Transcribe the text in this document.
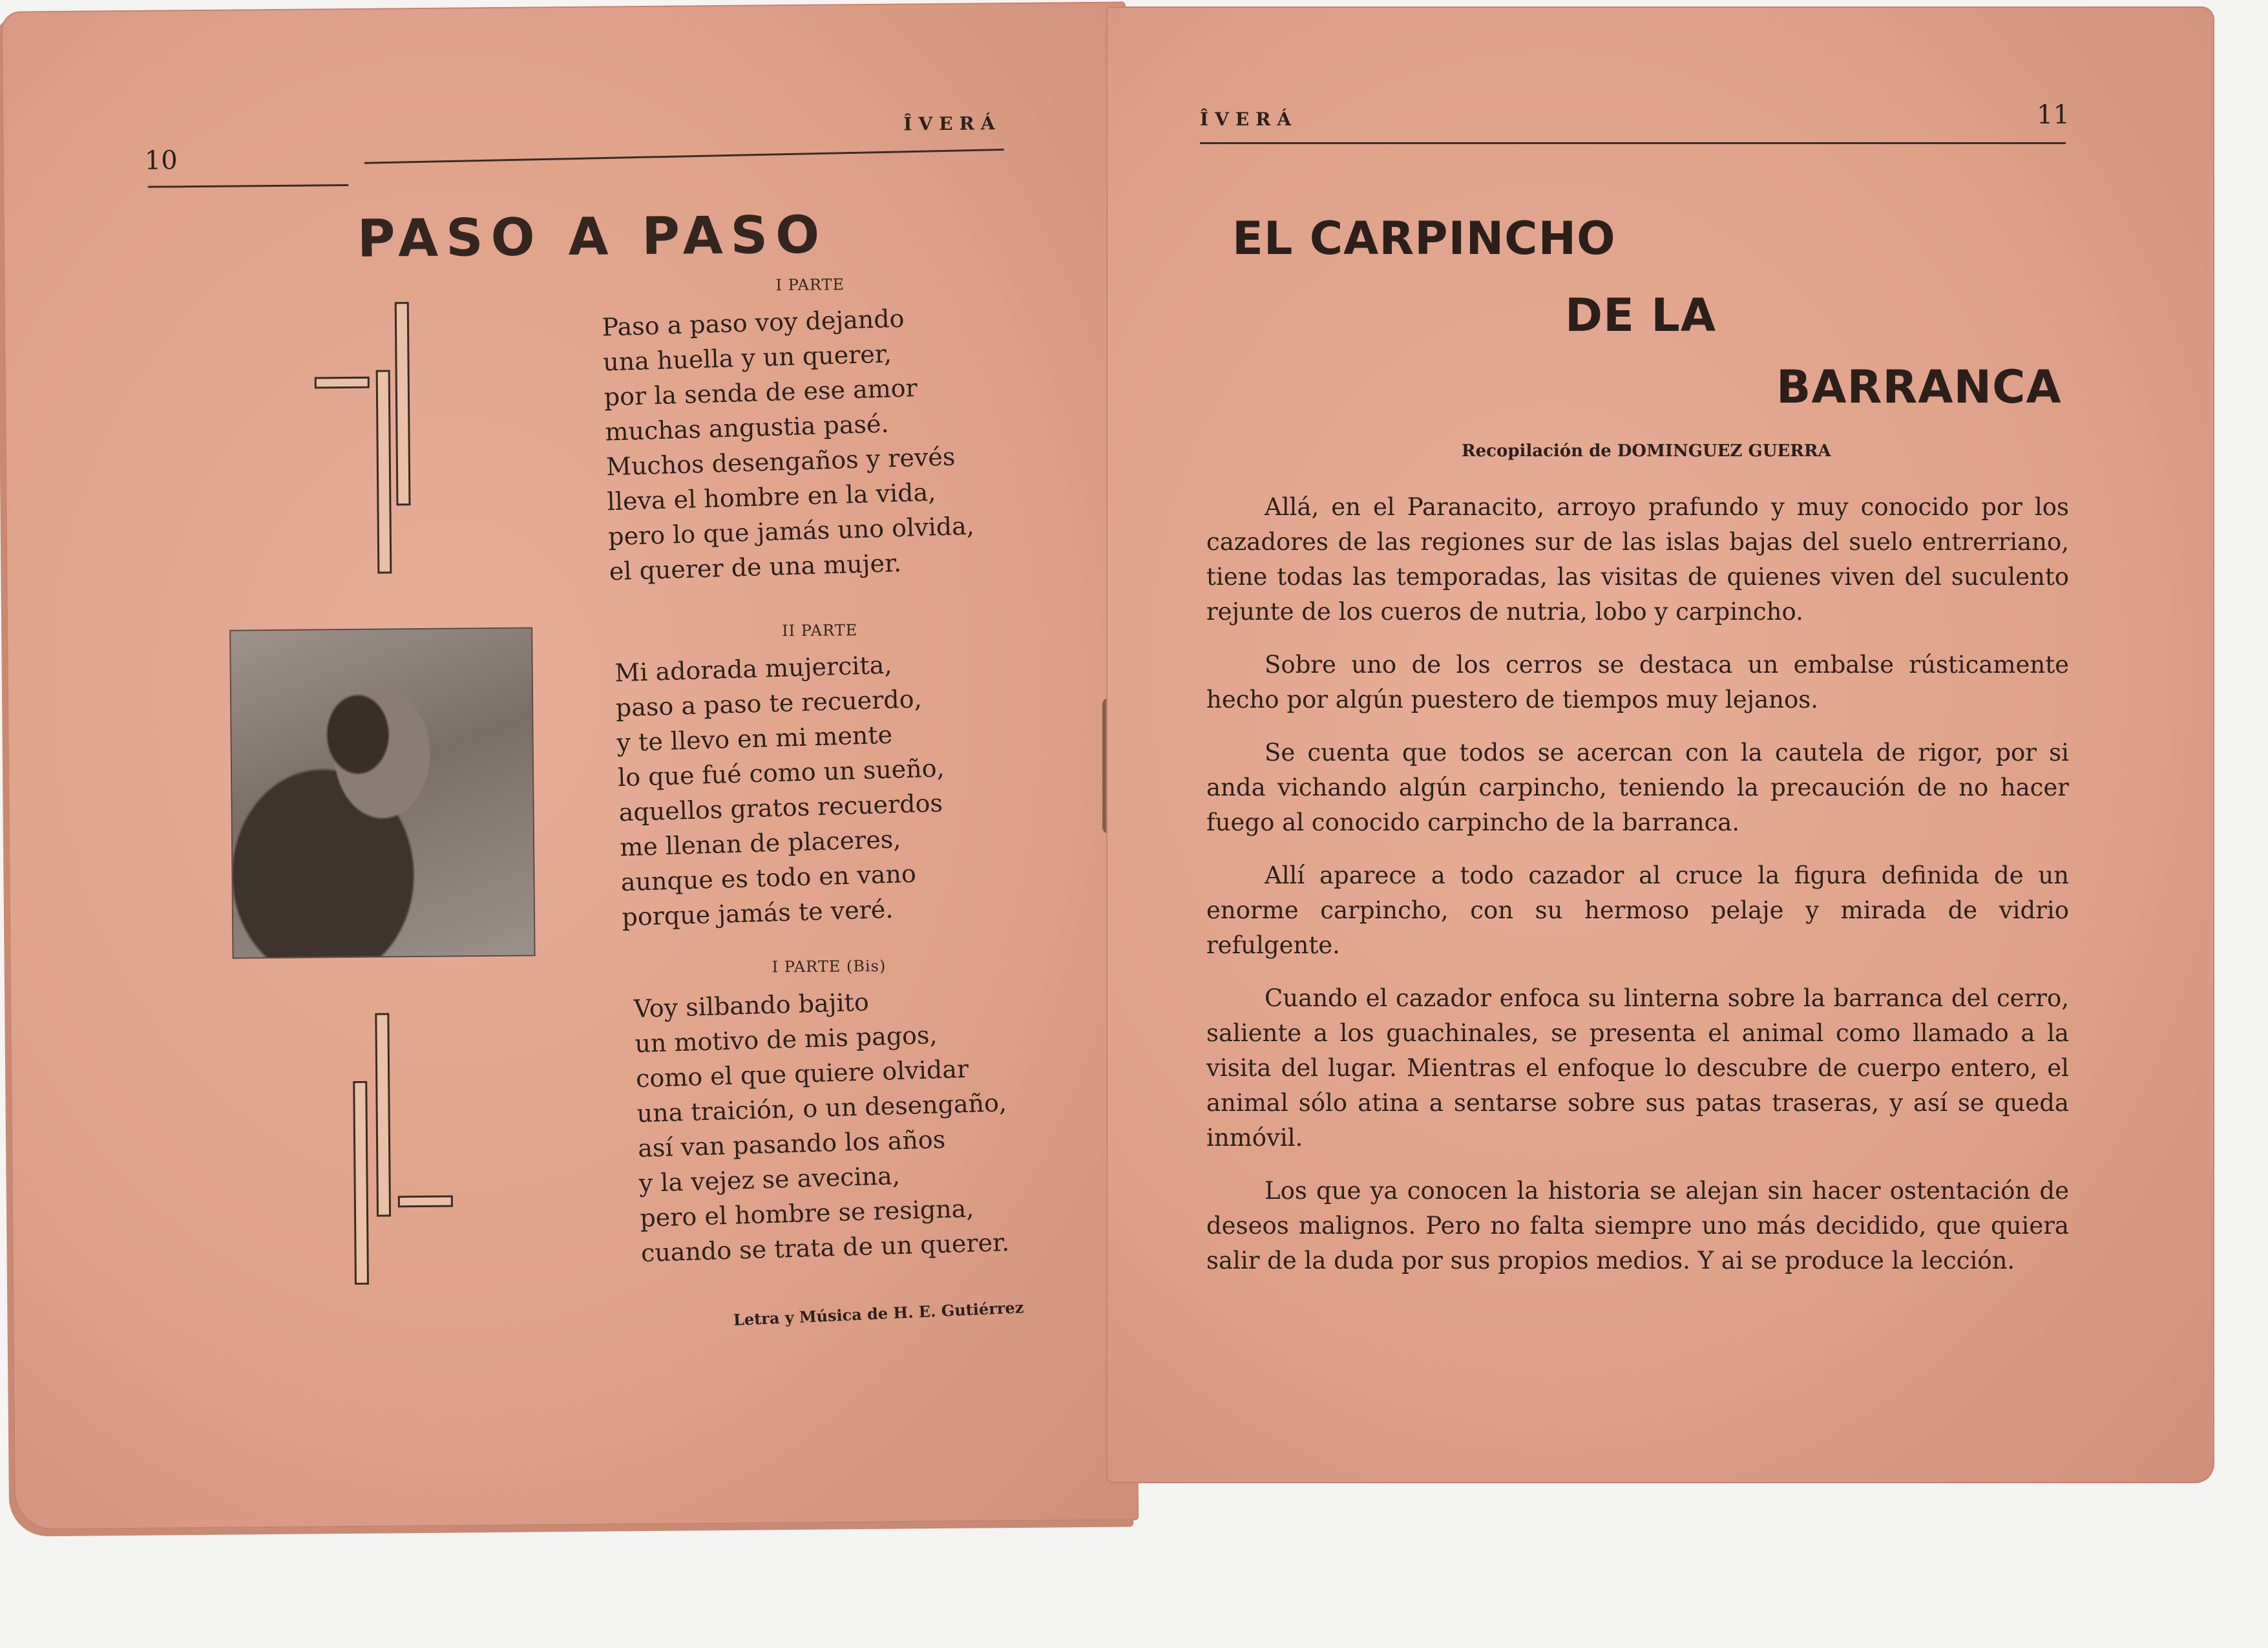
10
ÎVERÁ
PASO A PASO
I PARTE
Paso a paso voy dejando
una huella y un querer,
por la senda de ese amor
muchas angustia pasé.
Muchos desengaños y revés
lleva el hombre en la vida,
pero lo que jamás uno olvida,
el querer de una mujer.
II PARTE
Mi adorada mujercita,
paso a paso te recuerdo,
y te llevo en mi mente
lo que fué como un sueño,
aquellos gratos recuerdos
me llenan de placeres,
aunque es todo en vano
porque jamás te veré.
I PARTE (Bis)
Voy silbando bajito
un motivo de mis pagos,
como el que quiere olvidar
una traición, o un desengaño,
así van pasando los años
y la vejez se avecina,
pero el hombre se resigna,
cuando se trata de un querer.
Letra y Música de H. E. Gutiérrez
ÎVERÁ	11
EL CARPINCHO
DE LA
BARRANCA
Recopilación de DOMINGUEZ GUERRA

Allá, en el Paranacito, arroyo prafundo y muy conocido por los cazadores de las regiones sur de las islas bajas del suelo entrerriano, tiene todas las temporadas, las visitas de quienes viven del suculento rejunte de los cueros de nutria, lobo y carpincho.

Sobre uno de los cerros se destaca un embalse rústicamente hecho por algún puestero de tiempos muy lejanos.

Se cuenta que todos se acercan con la cautela de rigor, por si anda vichando algún carpincho, teniendo la precaución de no hacer fuego al conocido carpincho de la barranca.

Allí aparece a todo cazador al cruce la figura definida de un enorme carpincho, con su hermoso pelaje y mirada de vidrio refulgente.

Cuando el cazador enfoca su linterna sobre la barranca del cerro, saliente a los guachinales, se presenta el animal como llamado a la visita del lugar. Mientras el enfoque lo descubre de cuerpo entero, el animal sólo atina a sentarse sobre sus patas traseras, y así se queda inmóvil.

Los que ya conocen la historia se alejan sin hacer ostentación de deseos malignos. Pero no falta siempre uno más decidido, que quiera salir de la duda por sus propios medios. Y ai se produce la lección.
